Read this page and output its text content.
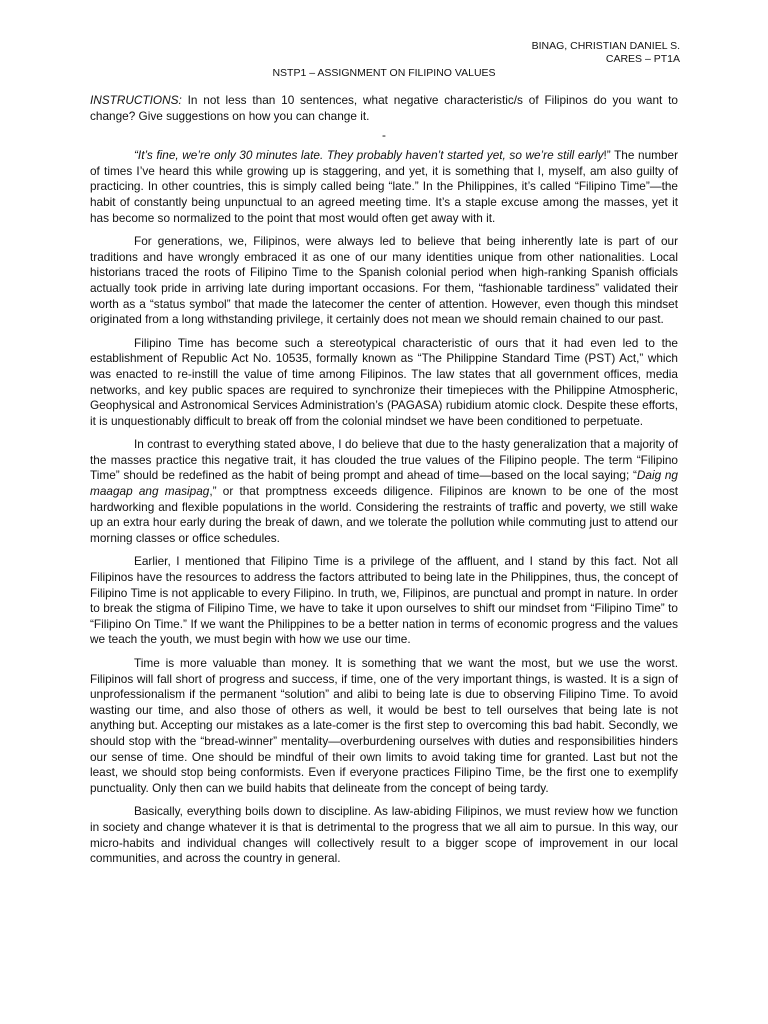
BINAG, CHRISTIAN DANIEL S.
CARES – PT1A
NSTP1 – ASSIGNMENT ON FILIPINO VALUES

INSTRUCTIONS: In not less than 10 sentences, what negative characteristic/s of Filipinos do you want to change? Give suggestions on how you can change it.

-

“It’s fine, we’re only 30 minutes late. They probably haven’t started yet, so we’re still early!” The number of times I’ve heard this while growing up is staggering, and yet, it is something that I, myself, am also guilty of practicing. In other countries, this is simply called being “late.” In the Philippines, it’s called “Filipino Time”—the habit of constantly being unpunctual to an agreed meeting time. It’s a staple excuse among the masses, yet it has become so normalized to the point that most would often get away with it.

For generations, we, Filipinos, were always led to believe that being inherently late is part of our traditions and have wrongly embraced it as one of our many identities unique from other nationalities. Local historians traced the roots of Filipino Time to the Spanish colonial period when high-ranking Spanish officials actually took pride in arriving late during important occasions. For them, “fashionable tardiness” validated their worth as a “status symbol” that made the latecomer the center of attention. However, even though this mindset originated from a long withstanding privilege, it certainly does not mean we should remain chained to our past.

Filipino Time has become such a stereotypical characteristic of ours that it had even led to the establishment of Republic Act No. 10535, formally known as “The Philippine Standard Time (PST) Act,” which was enacted to re-instill the value of time among Filipinos. The law states that all government offices, media networks, and key public spaces are required to synchronize their timepieces with the Philippine Atmospheric, Geophysical and Astronomical Services Administration’s (PAGASA) rubidium atomic clock. Despite these efforts, it is unquestionably difficult to break off from the colonial mindset we have been conditioned to perpetuate.

In contrast to everything stated above, I do believe that due to the hasty generalization that a majority of the masses practice this negative trait, it has clouded the true values of the Filipino people. The term “Filipino Time” should be redefined as the habit of being prompt and ahead of time—based on the local saying; “Daig ng maagap ang masipag,” or that promptness exceeds diligence. Filipinos are known to be one of the most hardworking and flexible populations in the world. Considering the restraints of traffic and poverty, we still wake up an extra hour early during the break of dawn, and we tolerate the pollution while commuting just to attend our morning classes or office schedules.

Earlier, I mentioned that Filipino Time is a privilege of the affluent, and I stand by this fact. Not all Filipinos have the resources to address the factors attributed to being late in the Philippines, thus, the concept of Filipino Time is not applicable to every Filipino. In truth, we, Filipinos, are punctual and prompt in nature. In order to break the stigma of Filipino Time, we have to take it upon ourselves to shift our mindset from “Filipino Time” to “Filipino On Time.” If we want the Philippines to be a better nation in terms of economic progress and the values we teach the youth, we must begin with how we use our time.

Time is more valuable than money. It is something that we want the most, but we use the worst. Filipinos will fall short of progress and success, if time, one of the very important things, is wasted. It is a sign of unprofessionalism if the permanent “solution” and alibi to being late is due to observing Filipino Time. To avoid wasting our time, and also those of others as well, it would be best to tell ourselves that being late is not anything but. Accepting our mistakes as a late-comer is the first step to overcoming this bad habit. Secondly, we should stop with the “bread-winner” mentality—overburdening ourselves with duties and responsibilities hinders our sense of time. One should be mindful of their own limits to avoid taking time for granted. Last but not the least, we should stop being conformists. Even if everyone practices Filipino Time, be the first one to exemplify punctuality. Only then can we build habits that delineate from the concept of being tardy.

Basically, everything boils down to discipline. As law-abiding Filipinos, we must review how we function in society and change whatever it is that is detrimental to the progress that we all aim to pursue. In this way, our micro-habits and individual changes will collectively result to a bigger scope of improvement in our local communities, and across the country in general.
